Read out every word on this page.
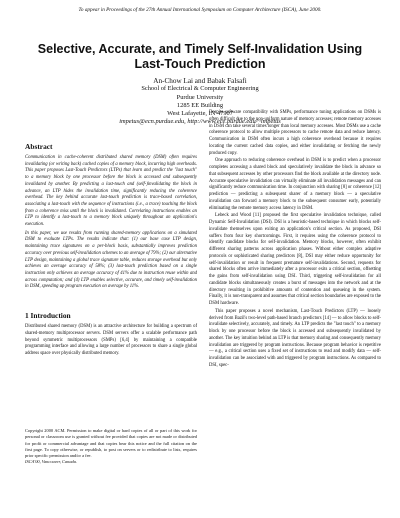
To appear in Proceedings of the 27th Annual International Symposium on Computer Architecture (ISCA), June 2000.
Selective, Accurate, and Timely Self-Invalidation Using
Last-Touch Prediction
An-Chow Lai and Babak Falsafi
School of Electrical & Computer Engineering
Purdue University
1285 EE Building
West Lafayette, IN 47907
impetus@ecn.purdue.edu, http://www.ece.purdue.edu/~impetus
Abstract

Communication in cache-coherent distributed shared memory (DSM) often requires invalidating (or writing back) cached copies of a memory block, incurring high overheads. This paper proposes Last-Touch Predictors (LTPs) that learn and predict the "last touch" to a memory block by one processor before the block is accessed and subsequently invalidated by another. By predicting a last-touch and (self-)invalidating the block in advance, an LTP hides the invalidation time, significantly reducing the coherence overhead. The key behind accurate last-touch prediction is trace-based correlation, associating a last-touch with the sequence of instructions (i.e., a trace) touching the block from a coherence miss until the block is invalidated. Correlating instructions enables an LTP to identify a last-touch to a memory block uniquely throughout an application's execution.

In this paper, we use results from running shared-memory applications on a simulated DSM to evaluate LTPs. The results indicate that: (1) our base case LTP design, maintaining trace signatures on a per-block basis, substantially improves prediction accuracy over previous self-invalidation schemes to an average of 79%; (2) our alternative LTP design, maintaining a global trace signature table, reduces storage overhead but only achieves an average accuracy of 58%; (3) last-touch prediction based on a single instruction only achieves an average accuracy of 41% due to instruction reuse within and across computation; and (4) LTP enables selective, accurate, and timely self-invalidation in DSM, speeding up program execution on average by 11%.

1 Introduction

Distributed shared memory (DSM) is an attractive architecture for building a spectrum of shared-memory multiprocessor servers. DSM servers offer a scalable performance path beyond symmetric multiprocessors (SMPs) [6,4] by maintaining a compatible programming interface and allowing a large number of processors to share a single global address space over physically distributed memory.

Copyright 2000 ACM. Permission to make digital or hard copies of all or part of this work for personal or classroom use is granted without fee provided that copies are not made or distributed for profit or commercial advantage and that copies bear this notice and the full citation on the first page. To copy otherwise, or republish, to post on servers or to redistribute to lists, requires prior specific permission and/or a fee.

ISCA'00, Vancouver, Canada.

Despite software compatibility with SMPs, performance tuning applications on DSMs is often difficult due to the non-uniform nature of memory accesses; remote memory accesses in DSM can take several times longer than local memory accesses. Most DSMs use a cache coherence protocol to allow multiple processors to cache remote data and reduce latency. Communication in DSM often incurs a high coherence overhead because it requires locating the current cached data copies, and either invalidating or fetching the newly produced copy.

One approach to reducing coherence overhead in DSM is to predict when a processor completes accessing a shared block and speculatively invalidate the block in advance so that subsequent accesses by other processors find the block available at the directory node. Accurate speculative invalidation can virtually eliminate all invalidation messages and can significantly reduce communication time. In conjunction with sharing [8] or coherence [12] prediction — predicting a subsequent sharer of a memory block — a speculative invalidation can forward a memory block to the subsequent consumer early, potentially eliminating the remote memory access latency in DSM.

Lebeck and Wood [11] proposed the first speculative invalidation technique, called Dynamic Self-Invalidation (DSI). DSI is a heuristic-based technique in which blocks self-invalidate themselves upon exiting an application's critical section. As proposed, DSI suffers from four key shortcomings. First, it requires using the coherence protocol to identify candidate blocks for self-invalidation. Memory blocks, however, often exhibit different sharing patterns across application phases. Without either complex adaptive protocols or sophisticated sharing predictors [8], DSI may either reduce opportunity for self-invalidation or result in frequent premature self-invalidations. Second, requests for shared blocks often arrive immediately after a processor exits a critical section, offsetting the gains from self-invalidation using DSI. Third, triggering self-invalidation for all candidate blocks simultaneously creates a burst of messages into the network and at the directory resulting in prohibitive amounts of contention and queueing in the system. Finally, it is non-transparent and assumes that critical section boundaries are exposed to the DSM hardware.

This paper proposes a novel mechanism, Last-Touch Predictors (LTP) — loosely derived from Bazil's two-level path-based branch predictors [14] — to allow blocks to self-invalidate selectively, accurately, and timely. An LTP predicts the "last touch" to a memory block by one processor before the block is accessed and subsequently invalidated by another. The key intuition behind an LTP is that memory sharing and consequently memory invalidation are triggered by program instructions. Because program behavior is repetitive — e.g., a critical section uses a fixed set of instructions to read and modify data — self-invalidation can be associated with and triggered by program instructions. As compared to DSI, spec-
